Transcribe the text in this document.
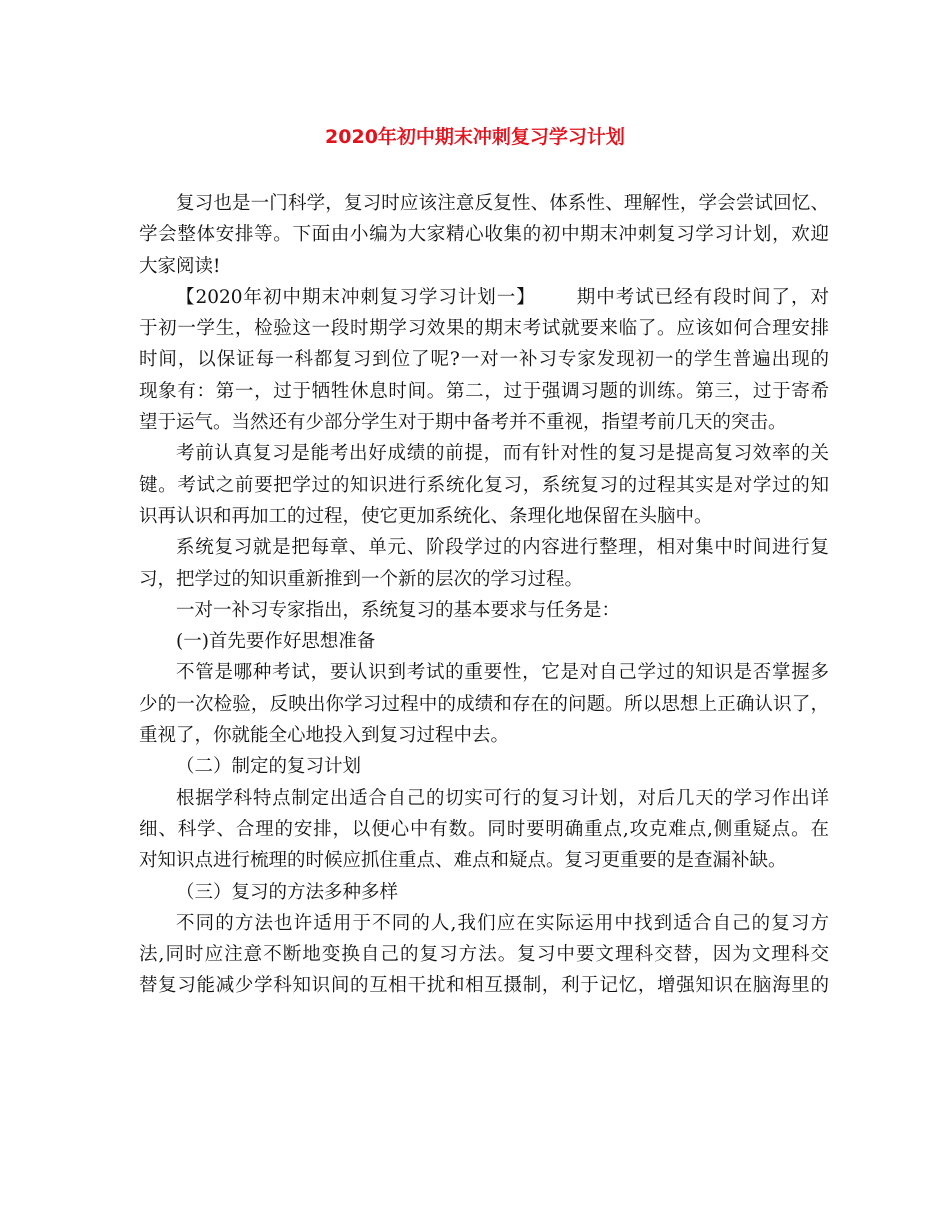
2020年初中期末冲刺复习学习计划
复习也是一门科学，复习时应该注意反复性、体系性、理解性，学会尝试回忆、
学会整体安排等。下面由小编为大家精心收集的初中期末冲刺复习学习计划，欢迎
大家阅读!
【2020年初中期末冲刺复习学习计划一】 期中考试已经有段时间了，对
于初一学生，检验这一段时期学习效果的期末考试就要来临了。应该如何合理安排
时间，以保证每一科都复习到位了呢?一对一补习专家发现初一的学生普遍出现的
现象有：第一，过于牺牲休息时间。第二，过于强调习题的训练。第三，过于寄希
望于运气。当然还有少部分学生对于期中备考并不重视，指望考前几天的突击。
考前认真复习是能考出好成绩的前提，而有针对性的复习是提高复习效率的关
键。考试之前要把学过的知识进行系统化复习，系统复习的过程其实是对学过的知
识再认识和再加工的过程，使它更加系统化、条理化地保留在头脑中。
系统复习就是把每章、单元、阶段学过的内容进行整理，相对集中时间进行复
习，把学过的知识重新推到一个新的层次的学习过程。
一对一补习专家指出，系统复习的基本要求与任务是：
(一)首先要作好思想准备
不管是哪种考试，要认识到考试的重要性，它是对自己学过的知识是否掌握多
少的一次检验，反映出你学习过程中的成绩和存在的问题。所以思想上正确认识了，
重视了，你就能全心地投入到复习过程中去。
（二）制定的复习计划
根据学科特点制定出适合自己的切实可行的复习计划，对后几天的学习作出详
细、科学、合理的安排，以便心中有数。同时要明确重点,攻克难点,侧重疑点。在
对知识点进行梳理的时候应抓住重点、难点和疑点。复习更重要的是查漏补缺。
（三）复习的方法多种多样
不同的方法也许适用于不同的人,我们应在实际运用中找到适合自己的复习方
法,同时应注意不断地变换自己的复习方法。复习中要文理科交替，因为文理科交
替复习能减少学科知识间的互相干扰和相互摄制，利于记忆，增强知识在脑海里的
